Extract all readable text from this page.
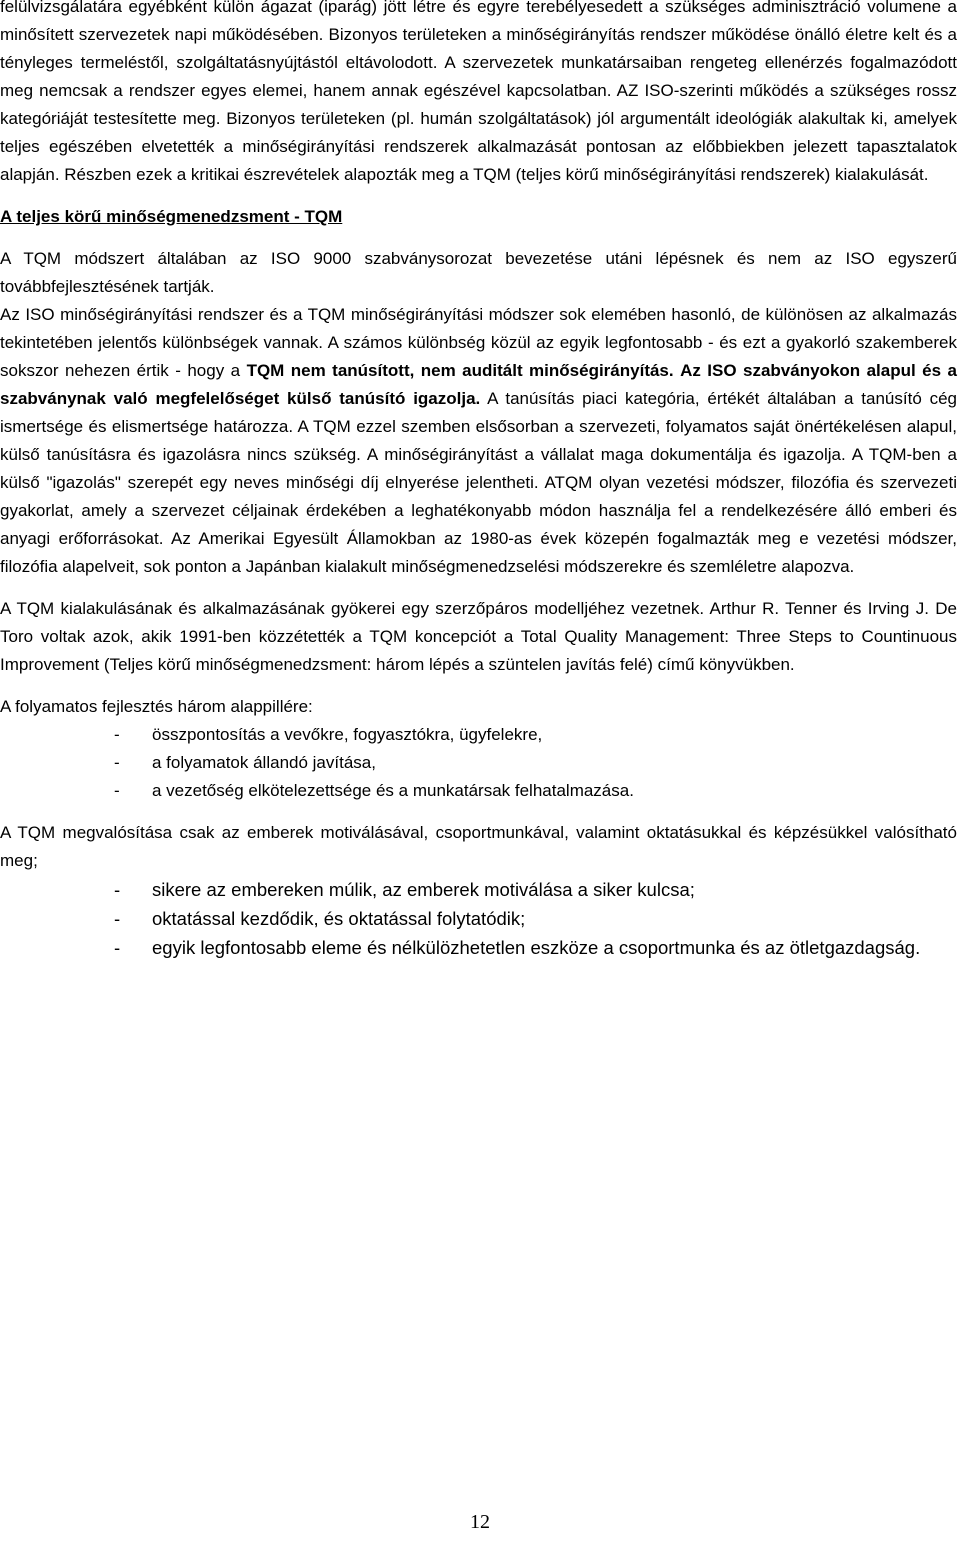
felülvizsgálatára egyébként külön ágazat (iparág) jött létre és egyre terebélyesedett a szükséges adminisztráció volumene a minősített szervezetek napi működésében. Bizonyos területeken a minőségirányítás rendszer működése önálló életre kelt és a tényleges termeléstől, szolgáltatásnyújtástól eltávolodott. A szervezetek munkatársaiban rengeteg ellenérzés fogalmazódott meg nemcsak a rendszer egyes elemei, hanem annak egészével kapcsolatban. AZ ISO-szerinti működés a szükséges rossz kategóriáját testesítette meg. Bizonyos területeken (pl. humán szolgáltatások) jól argumentált ideológiák alakultak ki, amelyek teljes egészében elvetették a minőségirányítási rendszerek alkalmazását pontosan az előbbiekben jelezett tapasztalatok alapján. Részben ezek a kritikai észrevételek alapozták meg a TQM (teljes körű minőségirányítási rendszerek) kialakulását.

A teljes körű minőségmenedzsment - TQM

A TQM módszert általában az ISO 9000 szabványsorozat bevezetése utáni lépésnek és nem az ISO egyszerű továbbfejlesztésének tartják.

Az ISO minőségirányítási rendszer és a TQM minőségirányítási módszer sok elemében hasonló, de különösen az alkalmazás tekintetében jelentős különbségek vannak. A számos különbség közül az egyik legfontosabb - és ezt a gyakorló szakemberek sokszor nehezen értik - hogy a TQM nem tanúsított, nem auditált minőségirányítás. Az ISO szabványokon alapul és a szabványnak való megfelelőséget külső tanúsító igazolja. A tanúsítás piaci kategória, értékét általában a tanúsító cég ismertsége és elismertsége határozza. A TQM ezzel szemben elsősorban a szervezeti, folyamatos saját önértékelésen alapul, külső tanúsításra és igazolásra nincs szükség. A minőségirányítást a vállalat maga dokumentálja és igazolja. A TQM-ben a külső "igazolás" szerepét egy neves minőségi díj elnyerése jelentheti. ATQM olyan vezetési módszer, filozófia és szervezeti gyakorlat, amely a szervezet céljainak érdekében a leghatékonyabb módon használja fel a rendelkezésére álló emberi és anyagi erőforrásokat. Az Amerikai Egyesült Államokban az 1980-as évek közepén fogalmazták meg e vezetési módszer, filozófia alapelveit, sok ponton a Japánban kialakult minőségmenedzselési módszerekre és szemléletre alapozva.

A TQM kialakulásának és alkalmazásának gyökerei egy szerzőpáros modelljéhez vezetnek. Arthur R. Tenner és Irving J. De Toro voltak azok, akik 1991-ben közzétették a TQM koncepciót a Total Quality Management: Three Steps to Countinuous Improvement (Teljes körű minőségmenedzsment: három lépés a szüntelen javítás felé) című könyvükben.

A folyamatos fejlesztés három alappillére:

- összpontosítás a vevőkre, fogyasztókra, ügyfelekre,
- a folyamatok állandó javítása,
- a vezetőség elkötelezettsége és a munkatársak felhatalmazása.

A TQM megvalósítása csak az emberek motiválásával, csoportmunkával, valamint oktatásukkal és képzésükkel valósítható meg;

- sikere az embereken múlik, az emberek motiválása a siker kulcsa;
- oktatással kezdődik, és oktatással folytatódik;
- egyik legfontosabb eleme és nélkülözhetetlen eszköze a csoportmunka és az ötletgazdagság.
12
